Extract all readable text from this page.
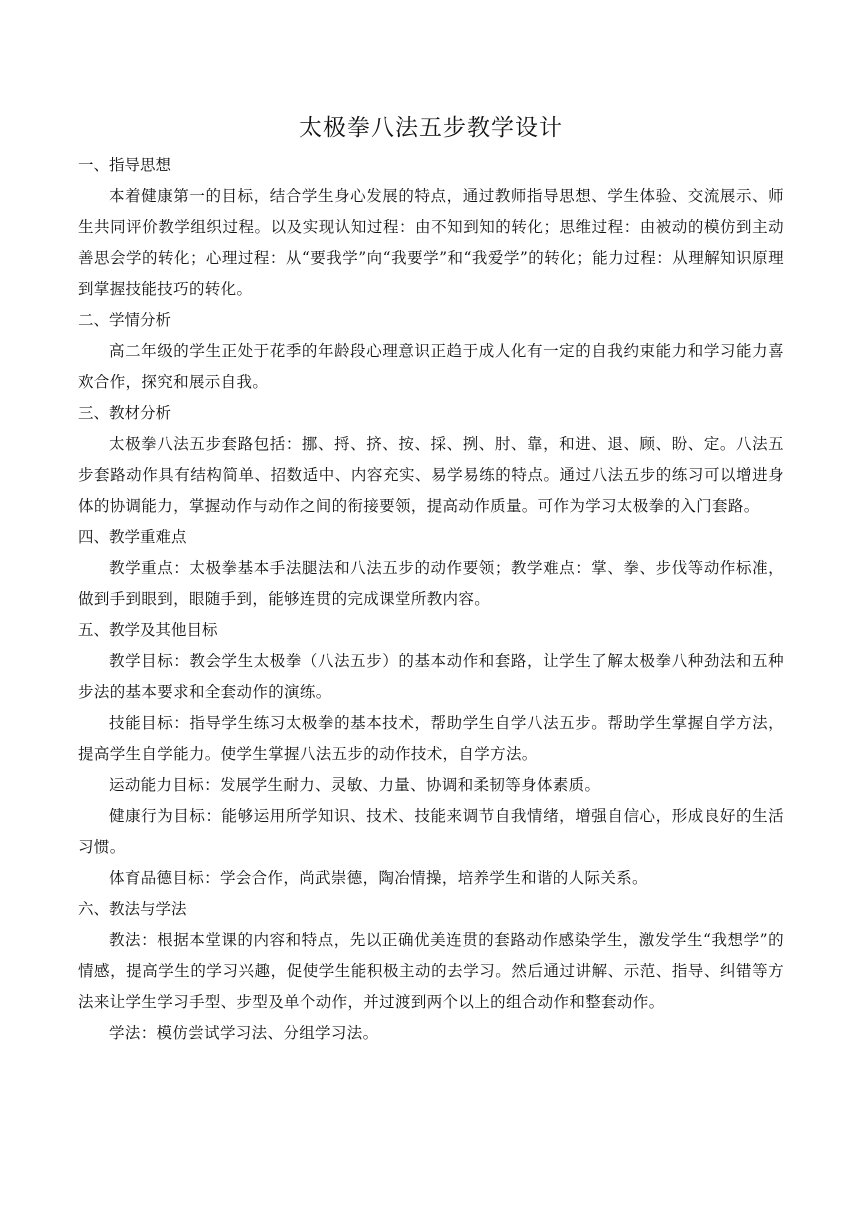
太极拳八法五步教学设计

一、指导思想

本着健康第一的目标，结合学生身心发展的特点，通过教师指导思想、学生体验、交流展示、师生共同评价教学组织过程。以及实现认知过程：由不知到知的转化；思维过程：由被动的模仿到主动善思会学的转化；心理过程：从“要我学”向“我要学”和“我爱学”的转化；能力过程：从理解知识原理到掌握技能技巧的转化。

二、学情分析

高二年级的学生正处于花季的年龄段心理意识正趋于成人化有一定的自我约束能力和学习能力喜欢合作，探究和展示自我。

三、教材分析

太极拳八法五步套路包括：挪、捋、挤、按、採、挒、肘、靠，和进、退、顾、盼、定。八法五步套路动作具有结构简单、招数适中、内容充实、易学易练的特点。通过八法五步的练习可以增进身体的协调能力，掌握动作与动作之间的衔接要领，提高动作质量。可作为学习太极拳的入门套路。

四、教学重难点

教学重点：太极拳基本手法腿法和八法五步的动作要领；教学难点：掌、拳、步伐等动作标准，做到手到眼到，眼随手到，能够连贯的完成课堂所教内容。

五、教学及其他目标

教学目标：教会学生太极拳（八法五步）的基本动作和套路，让学生了解太极拳八种劲法和五种步法的基本要求和全套动作的演练。

技能目标：指导学生练习太极拳的基本技术，帮助学生自学八法五步。帮助学生掌握自学方法，提高学生自学能力。使学生掌握八法五步的动作技术，自学方法。

运动能力目标：发展学生耐力、灵敏、力量、协调和柔韧等身体素质。

健康行为目标：能够运用所学知识、技术、技能来调节自我情绪，增强自信心，形成良好的生活习惯。

体育品德目标：学会合作，尚武崇德，陶冶情操，培养学生和谐的人际关系。

六、教法与学法

教法：根据本堂课的内容和特点，先以正确优美连贯的套路动作感染学生，激发学生“我想学”的情感，提高学生的学习兴趣，促使学生能积极主动的去学习。然后通过讲解、示范、指导、纠错等方法来让学生学习手型、步型及单个动作，并过渡到两个以上的组合动作和整套动作。

学法：模仿尝试学习法、分组学习法。
